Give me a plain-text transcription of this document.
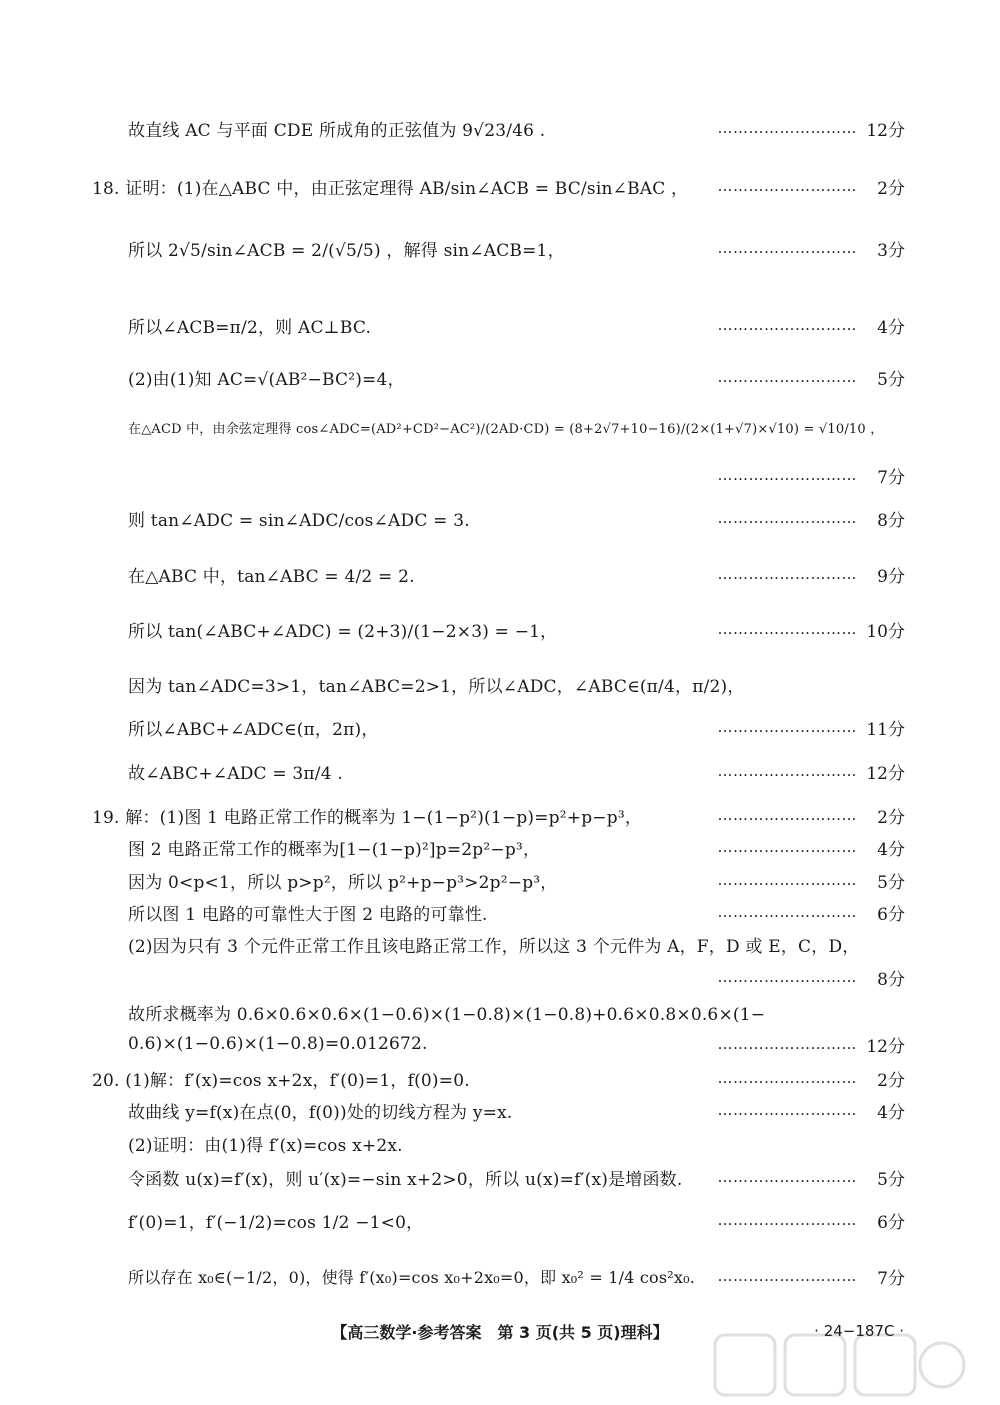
故直线 AC 与平面 CDE 所成角的正弦值为 9√23/46 .	……………………… 12分
18. 证明：(1)在△ABC 中，由正弦定理得 AB/sin∠ACB = BC/sin∠BAC ， ………………………	2分
所以 2√5/sin∠ACB = 2/(√5/5) ，解得 sin∠ACB=1，	………………………	3分
所以∠ACB=π/2，则 AC⊥BC.	………………………	4分
(2)由(1)知 AC=√(AB²−BC²)=4，	………………………	5分
在△ACD 中，由余弦定理得 cos∠ADC=(AD²+CD²−AC²)/(2AD·CD) = (8+2√7+10−16)/(2×(1+√7)×√10) = √10/10 ，
………………………	7分
则 tan∠ADC = sin∠ADC/cos∠ADC = 3.	………………………	8分
在△ABC 中，tan∠ABC = 4/2 = 2.	………………………	9分
所以 tan(∠ABC+∠ADC) = (2+3)/(1−2×3) = −1，	……………………… 10分
因为 tan∠ADC=3>1，tan∠ABC=2>1，所以∠ADC，∠ABC∈(π/4，π/2)，
所以∠ABC+∠ADC∈(π，2π)，	……………………… 11分
故∠ABC+∠ADC = 3π/4 .	……………………… 12分
19. 解：(1)图 1 电路正常工作的概率为 1−(1−p²)(1−p)=p²+p−p³，	………………………	2分
图 2 电路正常工作的概率为[1−(1−p)²]p=2p²−p³，	………………………	4分
因为 0<p<1，所以 p>p²，所以 p²+p−p³>2p²−p³，	………………………	5分
所以图 1 电路的可靠性大于图 2 电路的可靠性.	………………………	6分
(2)因为只有 3 个元件正常工作且该电路正常工作，所以这 3 个元件为 A，F，D 或 E，C，D，
………………………	8分
故所求概率为 0.6×0.6×0.6×(1−0.6)×(1−0.8)×(1−0.8)+0.6×0.8×0.6×(1−
0.6)×(1−0.6)×(1−0.8)=0.012672.	……………………… 12分
20. (1)解：f′(x)=cos x+2x，f′(0)=1，f(0)=0.	………………………	2分
故曲线 y=f(x)在点(0，f(0))处的切线方程为 y=x.	………………………	4分
(2)证明：由(1)得 f′(x)=cos x+2x.
令函数 u(x)=f′(x)，则 u′(x)=−sin x+2>0，所以 u(x)=f′(x)是增函数. ………………………	5分
f′(0)=1，f′(−1/2)=cos 1/2 −1<0，	………………………	6分
所以存在 x₀∈(−1/2，0)，使得 f′(x₀)=cos x₀+2x₀=0，即 x₀² = 1/4 cos²x₀. ………………………	7分
【高三数学·参考答案　第 3 页(共 5 页)理科】	· 24−187C ·
